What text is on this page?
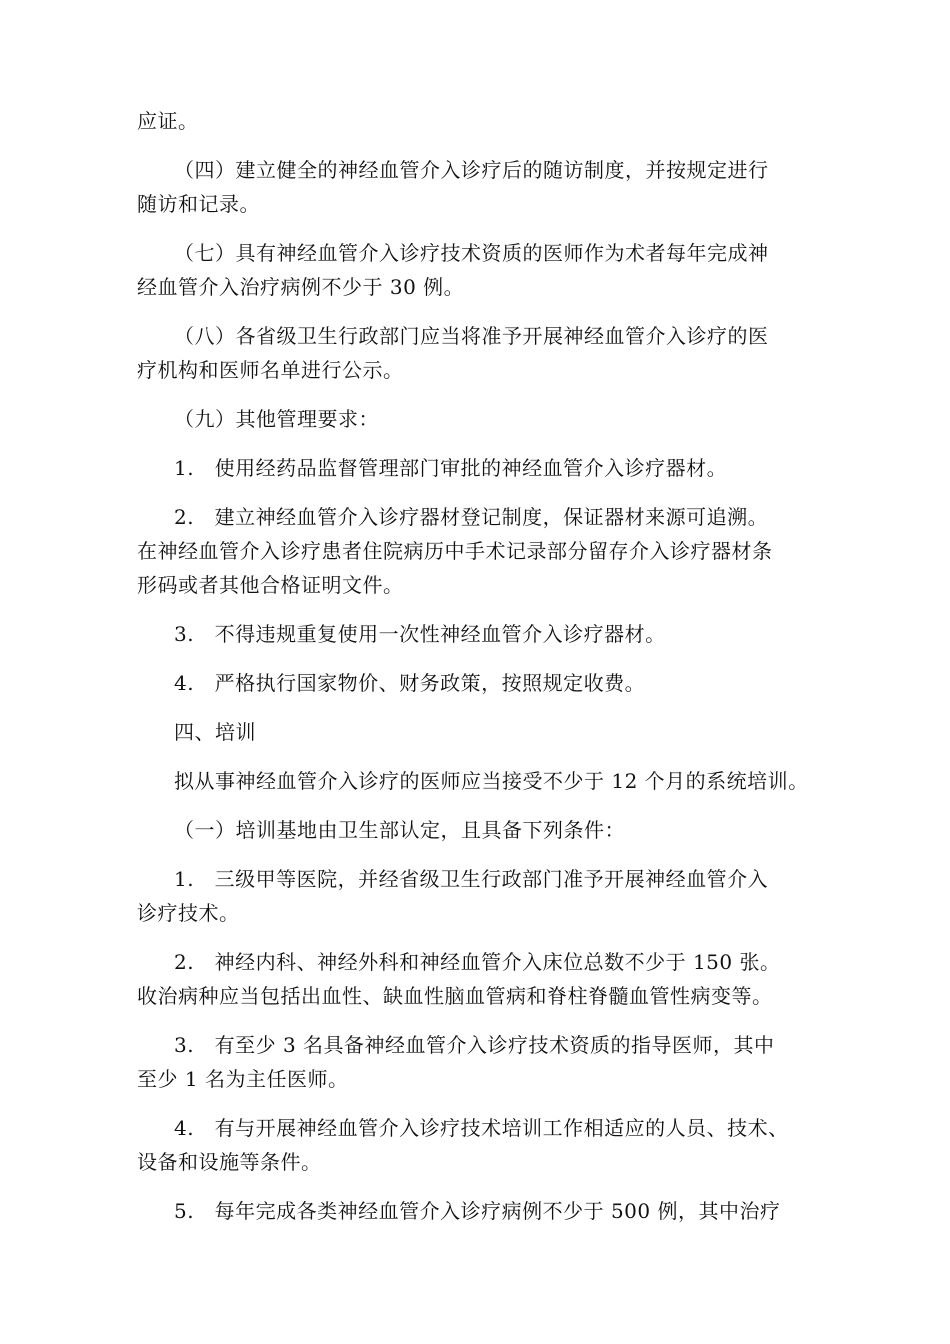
应证。
（四）建立健全的神经血管介入诊疗后的随访制度，并按规定进行
随访和记录。
（七）具有神经血管介入诊疗技术资质的医师作为术者每年完成神
经血管介入治疗病例不少于 30 例。
（八）各省级卫生行政部门应当将准予开展神经血管介入诊疗的医
疗机构和医师名单进行公示。
（九）其他管理要求：
1.　使用经药品监督管理部门审批的神经血管介入诊疗器材。
2.　建立神经血管介入诊疗器材登记制度，保证器材来源可追溯。
在神经血管介入诊疗患者住院病历中手术记录部分留存介入诊疗器材条
形码或者其他合格证明文件。
3.　不得违规重复使用一次性神经血管介入诊疗器材。
4.　严格执行国家物价、财务政策，按照规定收费。
四、培训
拟从事神经血管介入诊疗的医师应当接受不少于 12 个月的系统培训。
（一）培训基地由卫生部认定，且具备下列条件：
1.　三级甲等医院，并经省级卫生行政部门准予开展神经血管介入
诊疗技术。
2.　神经内科、神经外科和神经血管介入床位总数不少于 150 张。
收治病种应当包括出血性、缺血性脑血管病和脊柱脊髓血管性病变等。
3.　有至少 3 名具备神经血管介入诊疗技术资质的指导医师，其中
至少 1 名为主任医师。
4.　有与开展神经血管介入诊疗技术培训工作相适应的人员、技术、
设备和设施等条件。
5.　每年完成各类神经血管介入诊疗病例不少于 500 例，其中治疗
